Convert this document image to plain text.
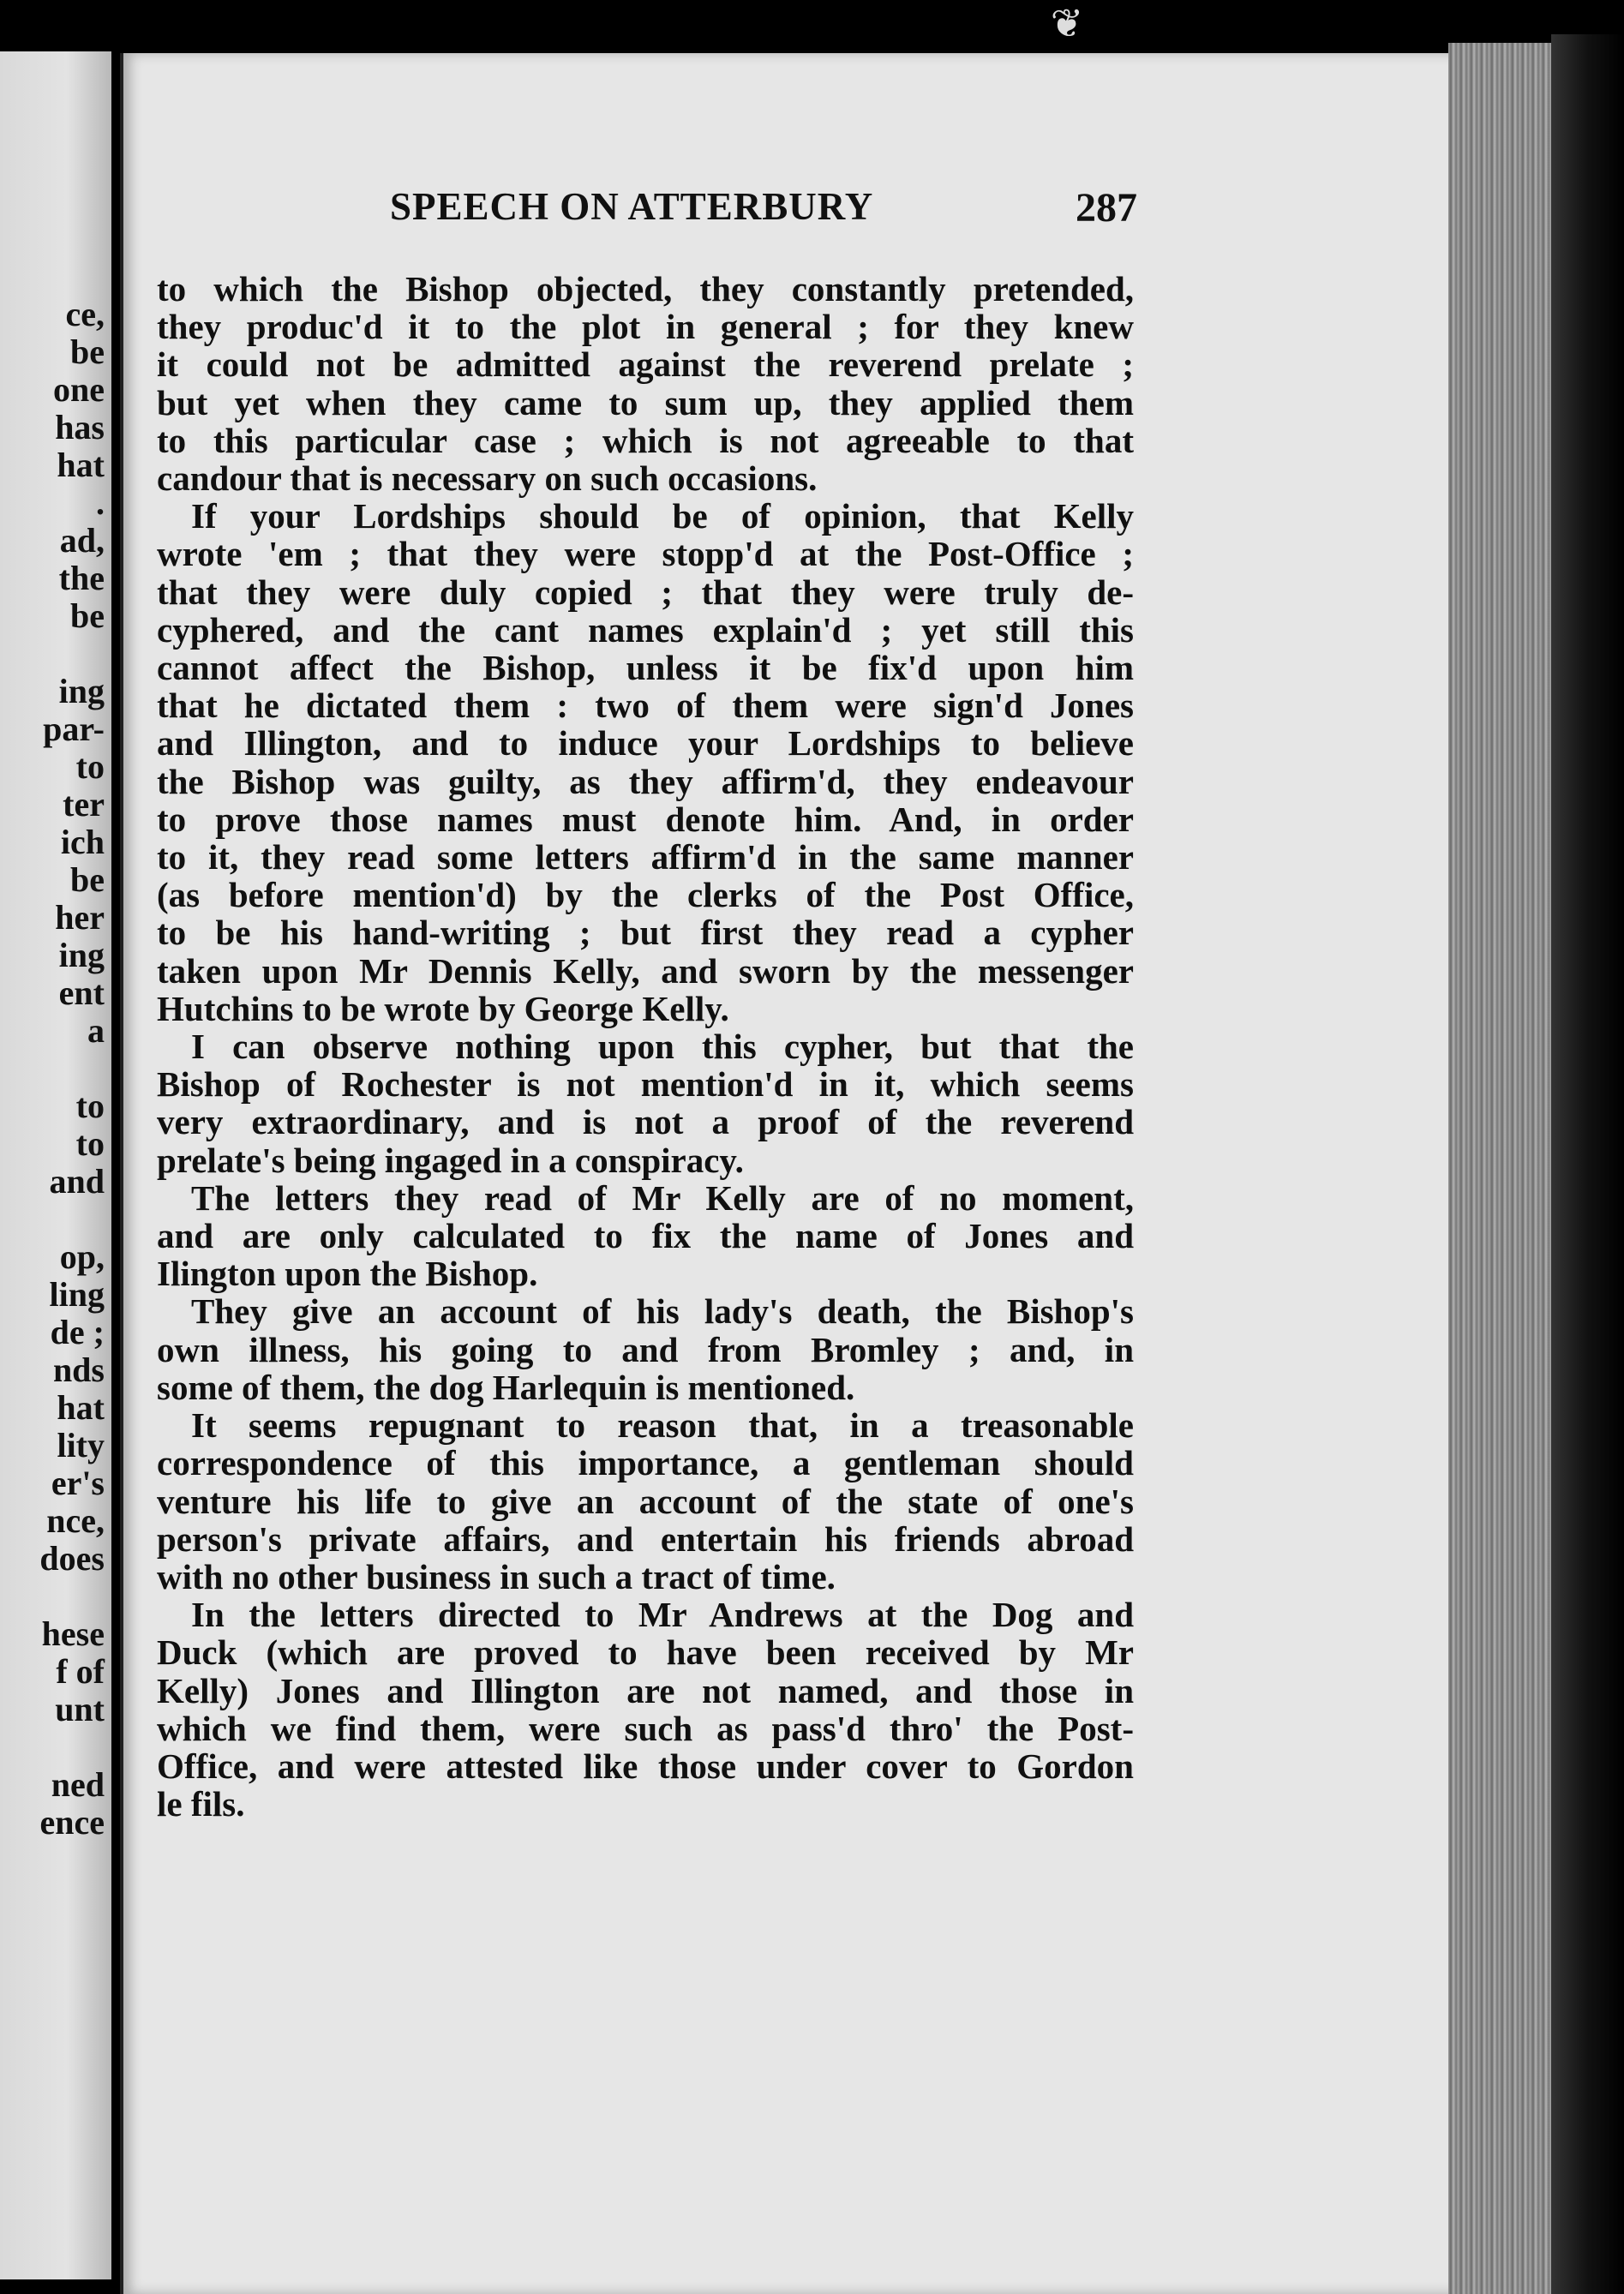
ce,
be
one
has
hat
.
ad,
the
be
ing
par-
to
ter
ich
be
her
ing
ent
a
to
to
and
op,
ling
de ;
nds
hat
lity
er's
nce,
does
hese
f of
unt
ned
ence
❦
SPEECH ON ATTERBURY	287
to which the Bishop objected, they constantly pretended,
they produc'd it to the plot in general ; for they knew
it could not be admitted against the reverend prelate ;
but yet when they came to sum up, they applied them
to this particular case ; which is not agreeable to that
candour that is necessary on such occasions.
If your Lordships should be of opinion, that Kelly
wrote 'em ; that they were stopp'd at the Post-Office ;
that they were duly copied ; that they were truly de-
cyphered, and the cant names explain'd ; yet still this
cannot affect the Bishop, unless it be fix'd upon him
that he dictated them : two of them were sign'd Jones
and Illington, and to induce your Lordships to believe
the Bishop was guilty, as they affirm'd, they endeavour
to prove those names must denote him. And, in order
to it, they read some letters affirm'd in the same manner
(as before mention'd) by the clerks of the Post Office,
to be his hand-writing ; but first they read a cypher
taken upon Mr Dennis Kelly, and sworn by the messenger
Hutchins to be wrote by George Kelly.
I can observe nothing upon this cypher, but that the
Bishop of Rochester is not mention'd in it, which seems
very extraordinary, and is not a proof of the reverend
prelate's being ingaged in a conspiracy.
The letters they read of Mr Kelly are of no moment,
and are only calculated to fix the name of Jones and
Ilington upon the Bishop.
They give an account of his lady's death, the Bishop's
own illness, his going to and from Bromley ; and, in
some of them, the dog Harlequin is mentioned.
It seems repugnant to reason that, in a treasonable
correspondence of this importance, a gentleman should
venture his life to give an account of the state of one's
person's private affairs, and entertain his friends abroad
with no other business in such a tract of time.
In the letters directed to Mr Andrews at the Dog and
Duck (which are proved to have been received by Mr
Kelly) Jones and Illington are not named, and those in
which we find them, were such as pass'd thro' the Post-
Office, and were attested like those under cover to Gordon
le fils.
